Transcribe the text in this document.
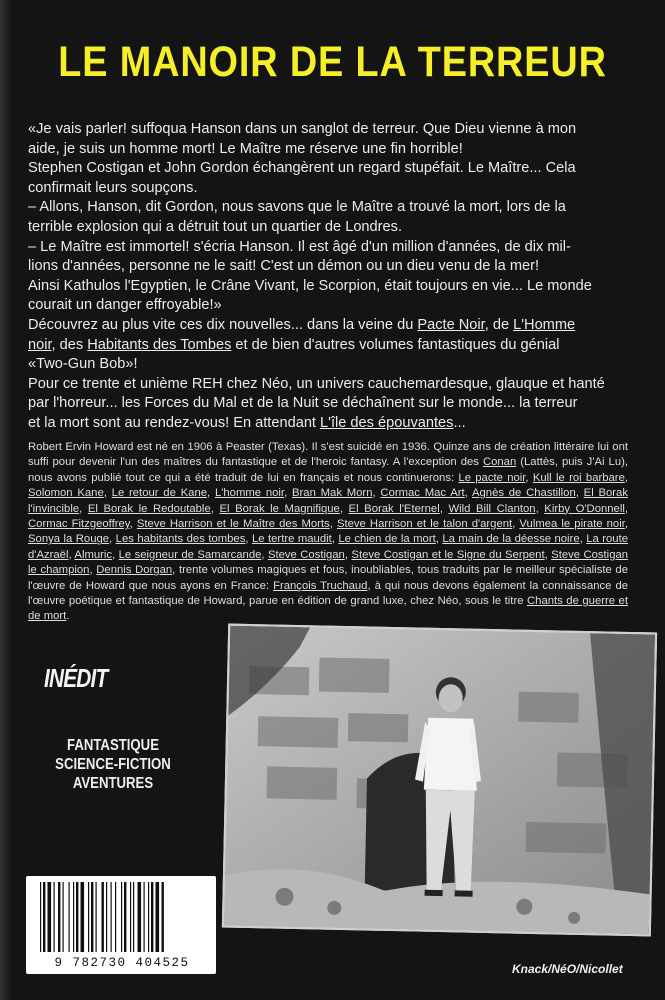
LE MANOIR DE LA TERREUR
«Je vais parler! suffoqua Hanson dans un sanglot de terreur. Que Dieu vienne à mon
aide, je suis un homme mort! Le Maître me réserve une fin horrible!
Stephen Costigan et John Gordon échangèrent un regard stupéfait. Le Maître... Cela
confirmait leurs soupçons.
– Allons, Hanson, dit Gordon, nous savons que le Maître a trouvé la mort, lors de la
terrible explosion qui a détruit tout un quartier de Londres.
– Le Maître est immortel! s'écria Hanson. Il est âgé d'un million d'années, de dix mil-
lions d'années, personne ne le sait! C'est un démon ou un dieu venu de la mer!
Ainsi Kathulos l'Egyptien, le Crâne Vivant, le Scorpion, était toujours en vie... Le monde
courait un danger effroyable!»
Découvrez au plus vite ces dix nouvelles... dans la veine du Pacte Noir, de L'Homme
noir, des Habitants des Tombes et de bien d'autres volumes fantastiques du génial
«Two-Gun Bob»!
Pour ce trente et unième REH chez Néo, un univers cauchemardesque, glauque et hanté
par l'horreur... les Forces du Mal et de la Nuit se déchaînent sur le monde... la terreur
et la mort sont au rendez-vous! En attendant L'île des épouvantes...

Robert Ervin Howard est né en 1906 à Peaster (Texas). Il s'est suicidé en 1936. Quinze ans de création littéraire lui ont suffi pour devenir l'un des maîtres du fantastique et de l'heroic fantasy. A l'exception des Conan (Lattès, puis J'Ai Lu), nous avons publié tout ce qui a été traduit de lui en français et nous continuerons: Le pacte noir, Kull le roi barbare, Solomon Kane, Le retour de Kane, L'homme noir, Bran Mak Morn, Cormac Mac Art, Agnès de Chastillon, El Borak l'invincible, El Borak le Redoutable, El Borak le Magnifique, El Borak l'Eternel, Wild Bill Clanton, Kirby O'Donnell, Cormac Fitzgeoffrey, Steve Harrison et le Maître des Morts, Steve Harrison et le talon d'argent, Vulmea le pirate noir, Sonya la Rouge, Les habitants des tombes, Le tertre maudit, Le chien de la mort, La main de la déesse noire, La route d'Azraël, Almuric, Le seigneur de Samarcande, Steve Costigan, Steve Costigan et le Signe du Serpent, Steve Costigan le champion, Dennis Dorgan, trente volumes magiques et fous, inoubliables, tous traduits par le meilleur spécialiste de l'œuvre de Howard que nous ayons en France: François Truchaud, à qui nous devons également la connaissance de l'œuvre poétique et fantastique de Howard, parue en édition de grand luxe, chez Néo, sous le titre Chants de guerre et de mort.

INÉDIT
FANTASTIQUE
SCIENCE-FICTION
AVENTURES
9 782730 404525	Knack/NéO/Nicollet
